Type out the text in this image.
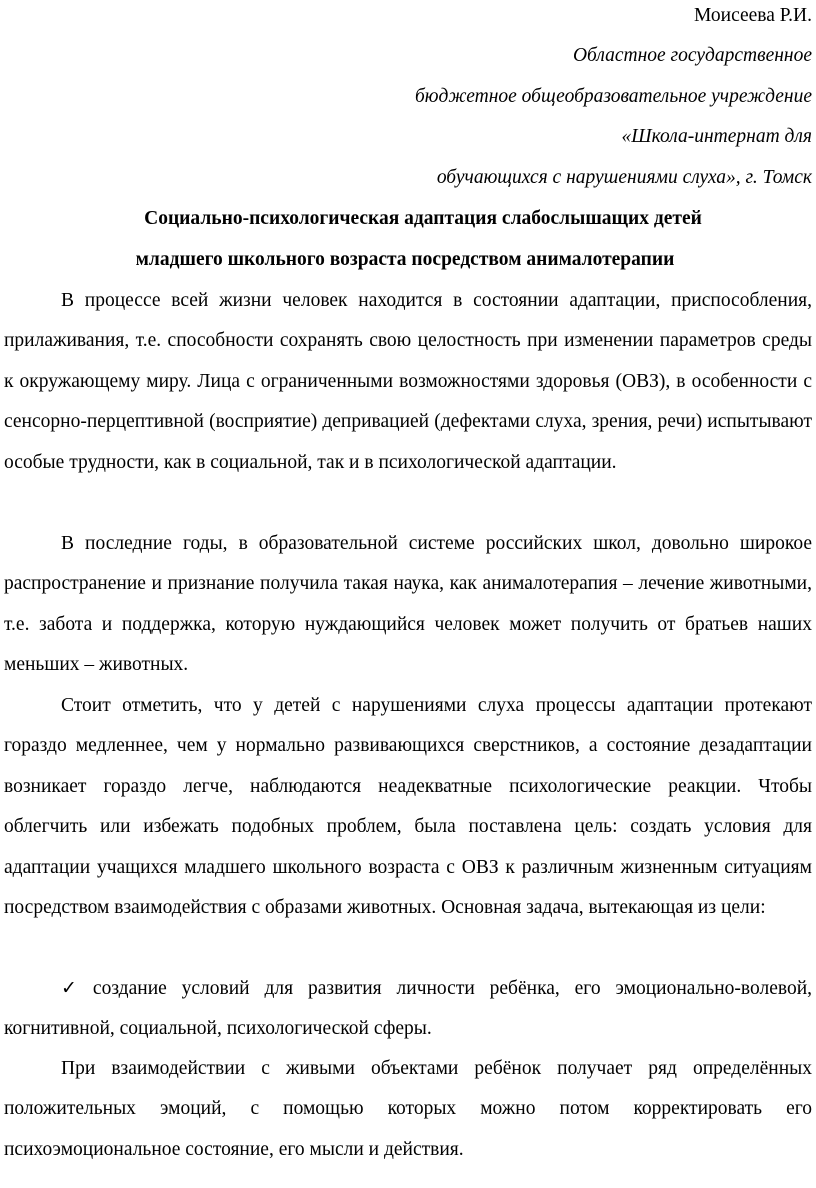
Моисеева Р.И.
Областное государственное
бюджетное общеобразовательное учреждение
«Школа-интернат для
обучающихся с нарушениями слуха», г. Томск
Социально-психологическая адаптация слабослышащих детей
младшего школьного возраста посредством анималотерапии

В процессе всей жизни человек находится в состоянии адаптации, приспособления, прилаживания, т.е. способности сохранять свою целостность при изменении параметров среды к окружающему миру. Лица с ограниченными возможностями здоровья (ОВЗ), в особенности с сенсорно-перцептивной (восприятие) депривацией (дефектами слуха, зрения, речи) испытывают особые трудности, как в социальной, так и в психологической адаптации.

В последние годы, в образовательной системе российских школ, довольно широкое распространение и признание получила такая наука, как анималотерапия – лечение животными, т.е. забота и поддержка, которую нуждающийся человек может получить от братьев наших меньших – животных.

Стоит отметить, что у детей с нарушениями слуха процессы адаптации протекают гораздо медленнее, чем у нормально развивающихся сверстников, а состояние дезадаптации возникает гораздо легче, наблюдаются неадекватные психологические реакции. Чтобы облегчить или избежать подобных проблем, была поставлена цель: создать условия для адаптации учащихся младшего школьного возраста с ОВЗ к различным жизненным ситуациям посредством взаимодействия с образами животных. Основная задача, вытекающая из цели:

✓ создание условий для развития личности ребёнка, его эмоционально-волевой, когнитивной, социальной, психологической сферы.

При взаимодействии с живыми объектами ребёнок получает ряд определённых положительных эмоций, с помощью которых можно потом корректировать его психоэмоциональное состояние, его мысли и действия.
